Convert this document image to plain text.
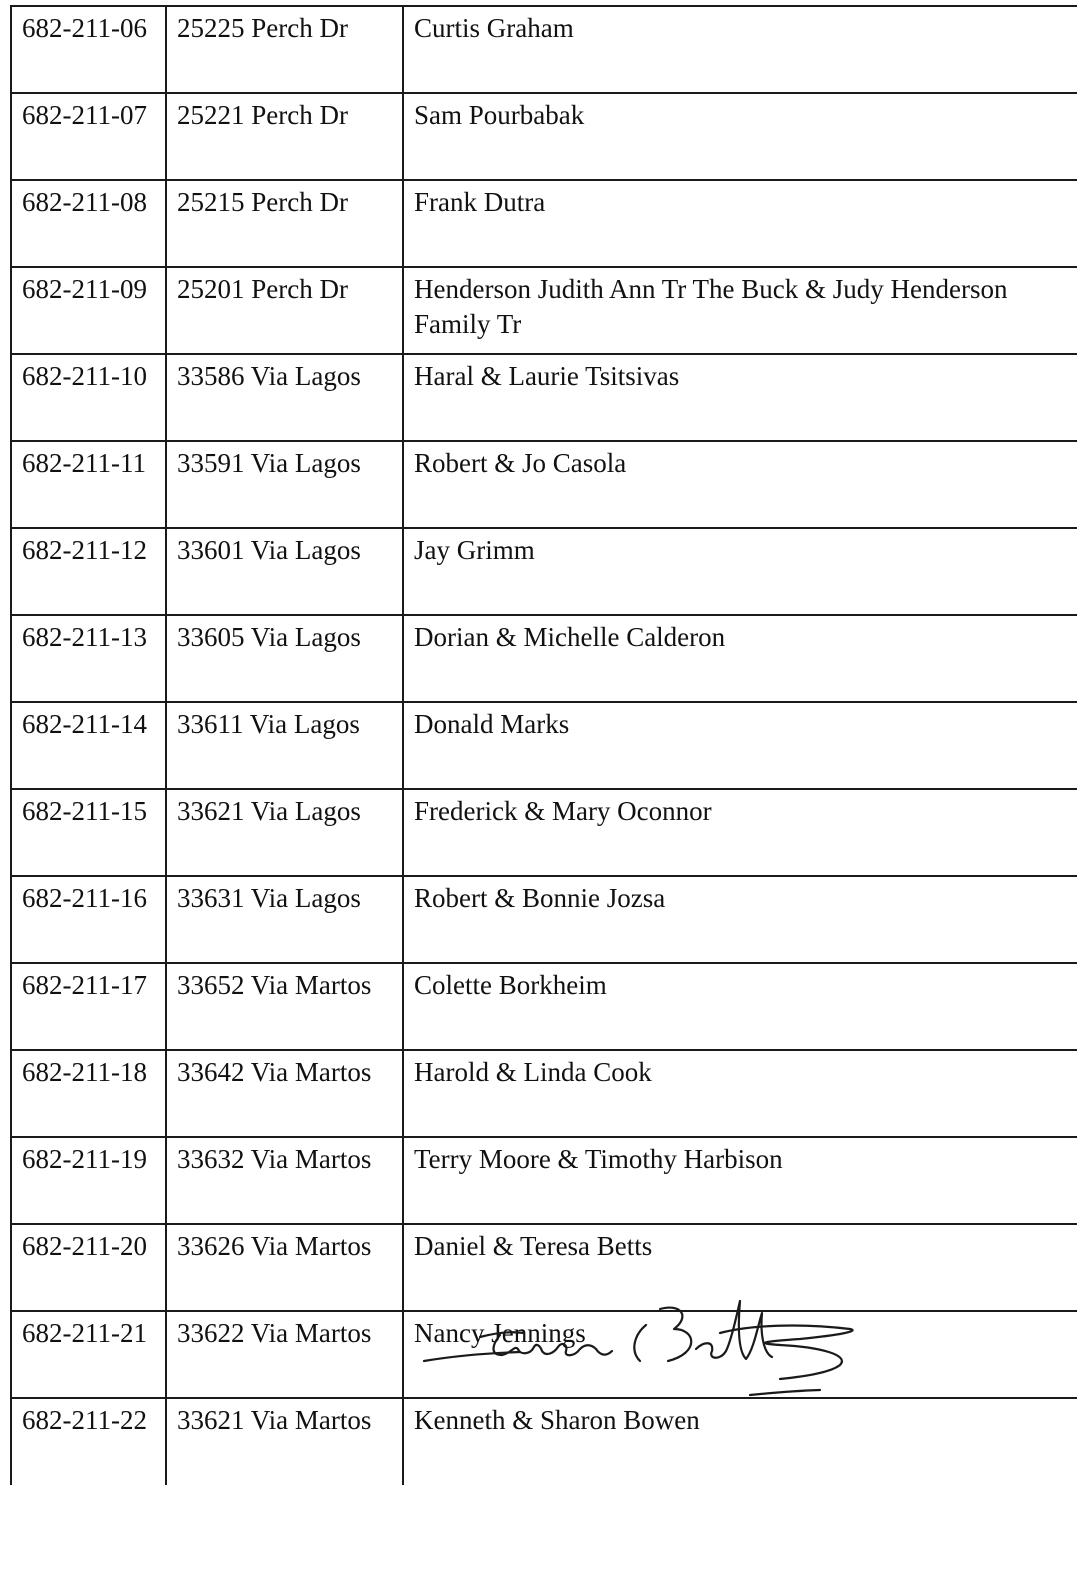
682-211-06	25225 Perch Dr	Curtis Graham
682-211-07	25221 Perch Dr	Sam Pourbabak
682-211-08	25215 Perch Dr	Frank Dutra
682-211-09	25201 Perch Dr	Henderson Judith Ann Tr The Buck & Judy Henderson Family Tr
682-211-10	33586 Via Lagos	Haral & Laurie Tsitsivas
682-211-11	33591 Via Lagos	Robert & Jo Casola
682-211-12	33601 Via Lagos	Jay Grimm
682-211-13	33605 Via Lagos	Dorian & Michelle Calderon
682-211-14	33611 Via Lagos	Donald Marks
682-211-15	33621 Via Lagos	Frederick & Mary Oconnor
682-211-16	33631 Via Lagos	Robert & Bonnie Jozsa
682-211-17	33652 Via Martos	Colette Borkheim
682-211-18	33642 Via Martos	Harold & Linda Cook
682-211-19	33632 Via Martos	Terry Moore & Timothy Harbison
682-211-20	33626 Via Martos	Daniel & Teresa Betts
682-211-21	33622 Via Martos	Nancy Jennings
682-211-22	33621 Via Martos	Kenneth & Sharon Bowen
